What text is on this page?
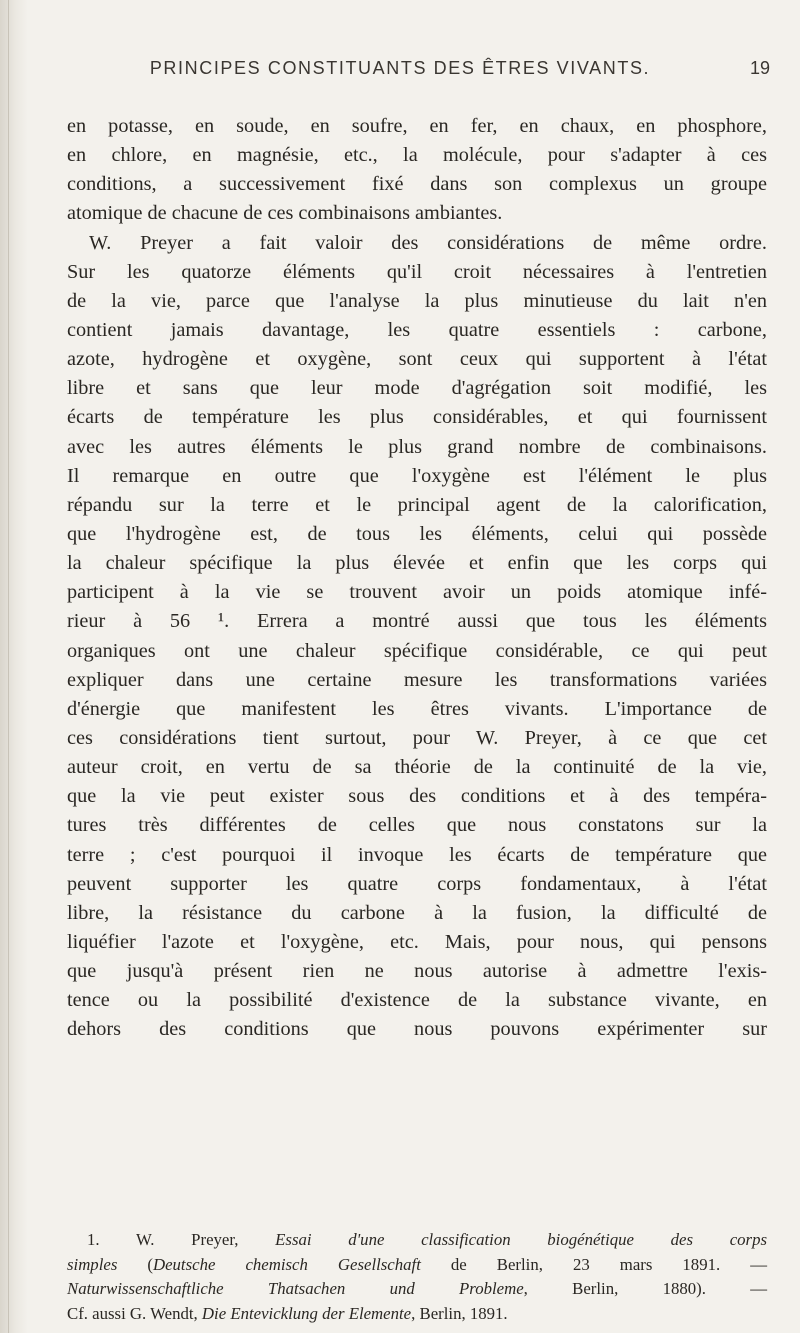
PRINCIPES CONSTITUANTS DES ÊTRES VIVANTS.	19
en potasse, en soude, en soufre, en fer, en chaux, en phosphore,
en chlore, en magnésie, etc., la molécule, pour s'adapter à ces
conditions, a successivement fixé dans son complexus un groupe
atomique de chacune de ces combinaisons ambiantes.
W. Preyer a fait valoir des considérations de même ordre.
Sur les quatorze éléments qu'il croit nécessaires à l'entretien
de la vie, parce que l'analyse la plus minutieuse du lait n'en
contient jamais davantage, les quatre essentiels : carbone,
azote, hydrogène et oxygène, sont ceux qui supportent à l'état
libre et sans que leur mode d'agrégation soit modifié, les
écarts de température les plus considérables, et qui fournissent
avec les autres éléments le plus grand nombre de combinaisons.
Il remarque en outre que l'oxygène est l'élément le plus
répandu sur la terre et le principal agent de la calorification,
que l'hydrogène est, de tous les éléments, celui qui possède
la chaleur spécifique la plus élevée et enfin que les corps qui
participent à la vie se trouvent avoir un poids atomique infé-
rieur à 56 ¹. Errera a montré aussi que tous les éléments
organiques ont une chaleur spécifique considérable, ce qui peut
expliquer dans une certaine mesure les transformations variées
d'énergie que manifestent les êtres vivants. L'importance de
ces considérations tient surtout, pour W. Preyer, à ce que cet
auteur croit, en vertu de sa théorie de la continuité de la vie,
que la vie peut exister sous des conditions et à des tempéra-
tures très différentes de celles que nous constatons sur la
terre ; c'est pourquoi il invoque les écarts de température que
peuvent supporter les quatre corps fondamentaux, à l'état
libre, la résistance du carbone à la fusion, la difficulté de
liquéfier l'azote et l'oxygène, etc. Mais, pour nous, qui pensons
que jusqu'à présent rien ne nous autorise à admettre l'exis-
tence ou la possibilité d'existence de la substance vivante, en
dehors des conditions que nous pouvons expérimenter sur
1. W. Preyer, Essai d'une classification biogénétique des corps
simples (Deutsche chemisch Gesellschaft de Berlin, 23 mars 1891. —
Naturwissenschaftliche Thatsachen und Probleme, Berlin, 1880). —
Cf. aussi G. Wendt, Die Entevicklung der Elemente, Berlin, 1891.
